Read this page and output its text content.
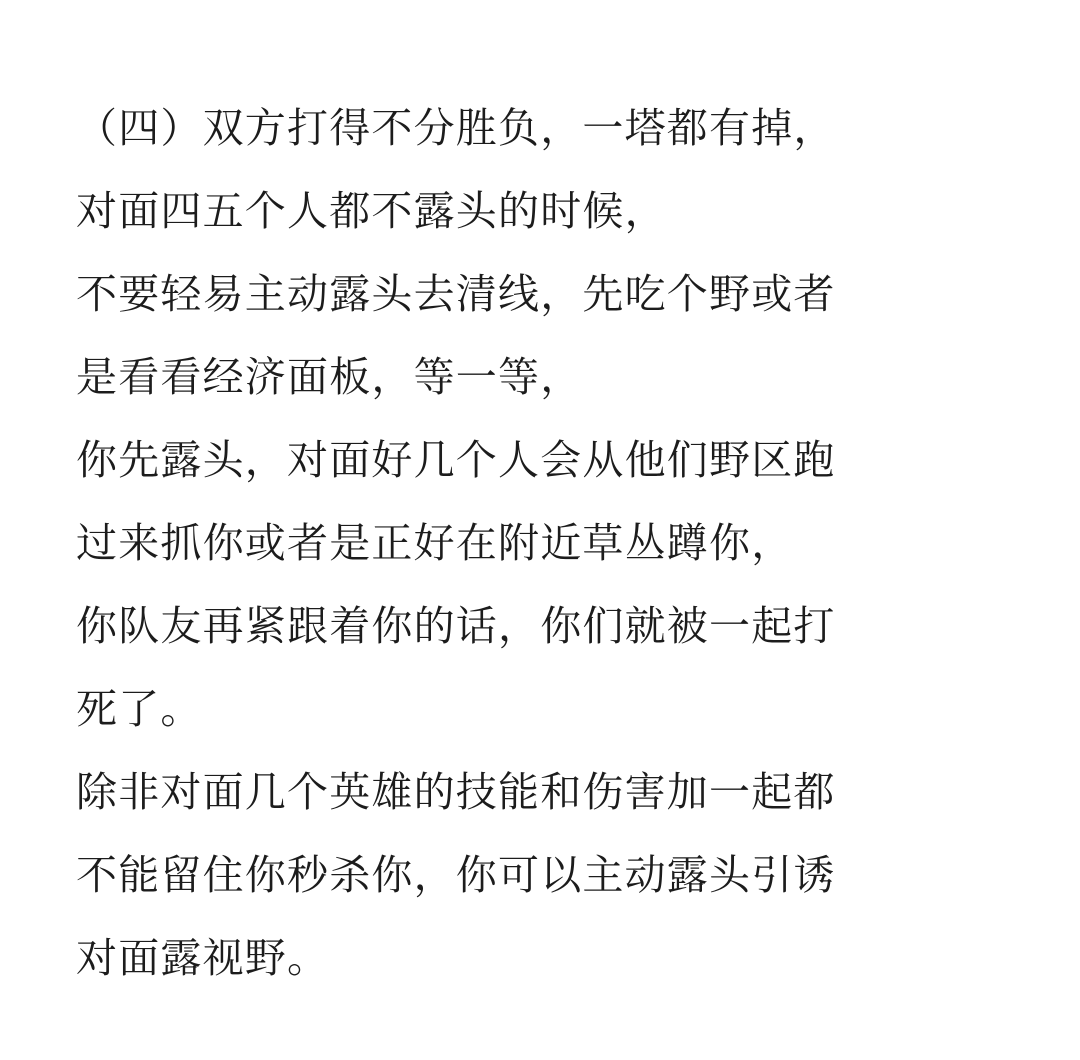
（四）双方打得不分胜负，一塔都有掉，
对面四五个人都不露头的时候，
不要轻易主动露头去清线，先吃个野或者
是看看经济面板，等一等，
你先露头，对面好几个人会从他们野区跑
过来抓你或者是正好在附近草丛蹲你，
你队友再紧跟着你的话，你们就被一起打
死了。
除非对面几个英雄的技能和伤害加一起都
不能留住你秒杀你，你可以主动露头引诱
对面露视野。
